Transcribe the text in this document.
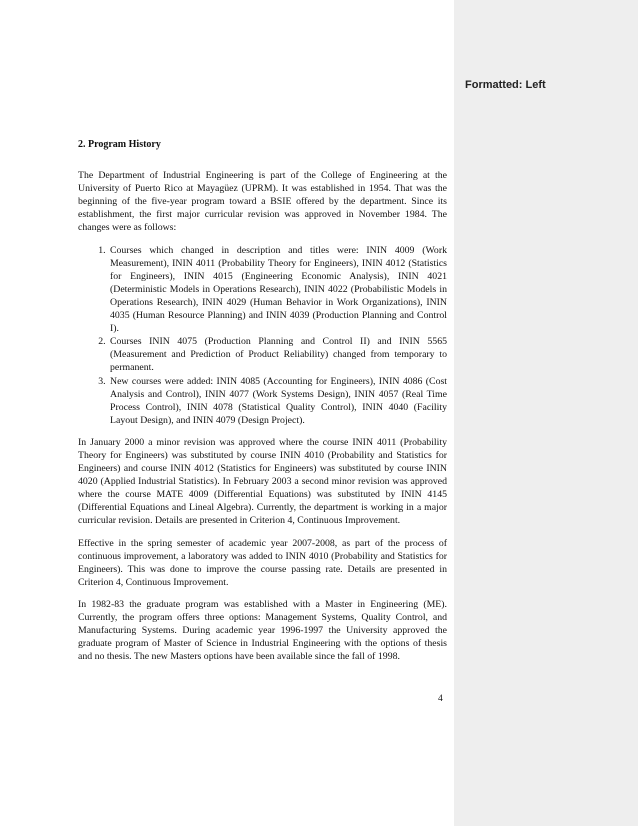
Formatted: Left
2. Program History

The Department of Industrial Engineering is part of the College of Engineering at the University of Puerto Rico at Mayagüez (UPRM). It was established in 1954. That was the beginning of the five-year program toward a BSIE offered by the department. Since its establishment, the first major curricular revision was approved in November 1984. The changes were as follows:

1. Courses which changed in description and titles were: ININ 4009 (Work Measurement), ININ 4011 (Probability Theory for Engineers), ININ 4012 (Statistics for Engineers), ININ 4015 (Engineering Economic Analysis), ININ 4021 (Deterministic Models in Operations Research), ININ 4022 (Probabilistic Models in Operations Research), ININ 4029 (Human Behavior in Work Organizations), ININ 4035 (Human Resource Planning) and ININ 4039 (Production Planning and Control I).
2. Courses ININ 4075 (Production Planning and Control II) and ININ 5565 (Measurement and Prediction of Product Reliability) changed from temporary to permanent.
3. New courses were added: ININ 4085 (Accounting for Engineers), ININ 4086 (Cost Analysis and Control), ININ 4077 (Work Systems Design), ININ 4057 (Real Time Process Control), ININ 4078 (Statistical Quality Control), ININ 4040 (Facility Layout Design), and ININ 4079 (Design Project).

In January 2000 a minor revision was approved where the course ININ 4011 (Probability Theory for Engineers) was substituted by course ININ 4010 (Probability and Statistics for Engineers) and course ININ 4012 (Statistics for Engineers) was substituted by course ININ 4020 (Applied Industrial Statistics). In February 2003 a second minor revision was approved where the course MATE 4009 (Differential Equations) was substituted by ININ 4145 (Differential Equations and Lineal Algebra). Currently, the department is working in a major curricular revision. Details are presented in Criterion 4, Continuous Improvement.

Effective in the spring semester of academic year 2007-2008, as part of the process of continuous improvement, a laboratory was added to ININ 4010 (Probability and Statistics for Engineers). This was done to improve the course passing rate. Details are presented in Criterion 4, Continuous Improvement.

In 1982-83 the graduate program was established with a Master in Engineering (ME). Currently, the program offers three options: Management Systems, Quality Control, and Manufacturing Systems. During academic year 1996-1997 the University approved the graduate program of Master of Science in Industrial Engineering with the options of thesis and no thesis. The new Masters options have been available since the fall of 1998.

4
